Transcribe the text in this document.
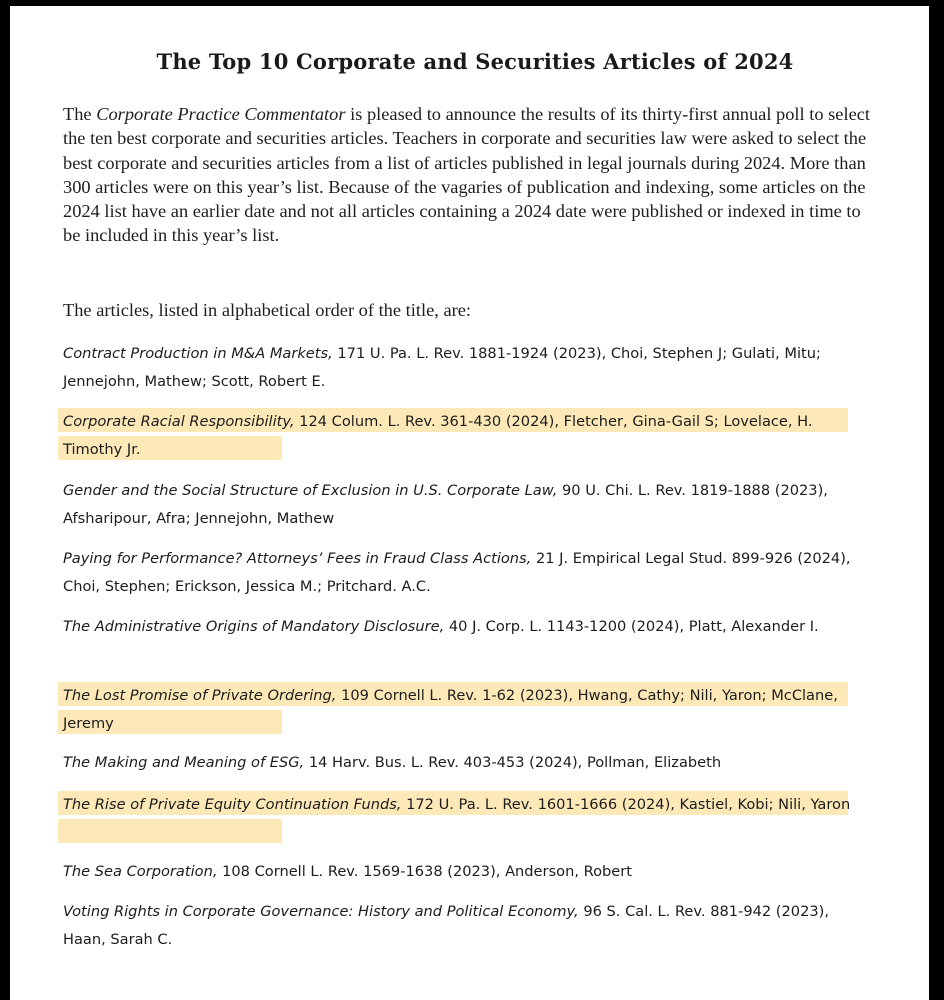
The Top 10 Corporate and Securities Articles of 2024
The Corporate Practice Commentator is pleased to announce the results of its thirty-first annual poll to select the ten best corporate and securities articles. Teachers in corporate and securities law were asked to select the best corporate and securities articles from a list of articles published in legal journals during 2024. More than 300 articles were on this year’s list. Because of the vagaries of publication and indexing, some articles on the 2024 list have an earlier date and not all articles containing a 2024 date were published or indexed in time to be included in this year’s list.
The articles, listed in alphabetical order of the title, are:
Contract Production in M&A Markets, 171 U. Pa. L. Rev. 1881-1924 (2023), Choi, Stephen J; Gulati, Mitu; Jennejohn, Mathew; Scott, Robert E.
Corporate Racial Responsibility, 124 Colum. L. Rev. 361-430 (2024), Fletcher, Gina-Gail S; Lovelace, H. Timothy Jr.
Gender and the Social Structure of Exclusion in U.S. Corporate Law, 90 U. Chi. L. Rev. 1819-1888 (2023), Afsharipour, Afra; Jennejohn, Mathew
Paying for Performance? Attorneys’ Fees in Fraud Class Actions, 21 J. Empirical Legal Stud. 899-926 (2024), Choi, Stephen; Erickson, Jessica M.; Pritchard. A.C.
The Administrative Origins of Mandatory Disclosure, 40 J. Corp. L. 1143-1200 (2024), Platt, Alexander I.
The Lost Promise of Private Ordering, 109 Cornell L. Rev. 1-62 (2023), Hwang, Cathy; Nili, Yaron; McClane, Jeremy
The Making and Meaning of ESG, 14 Harv. Bus. L. Rev. 403-453 (2024), Pollman, Elizabeth
The Rise of Private Equity Continuation Funds, 172 U. Pa. L. Rev. 1601-1666 (2024), Kastiel, Kobi; Nili, Yaron
The Sea Corporation, 108 Cornell L. Rev. 1569-1638 (2023), Anderson, Robert
Voting Rights in Corporate Governance: History and Political Economy, 96 S. Cal. L. Rev. 881-942 (2023), Haan, Sarah C.
